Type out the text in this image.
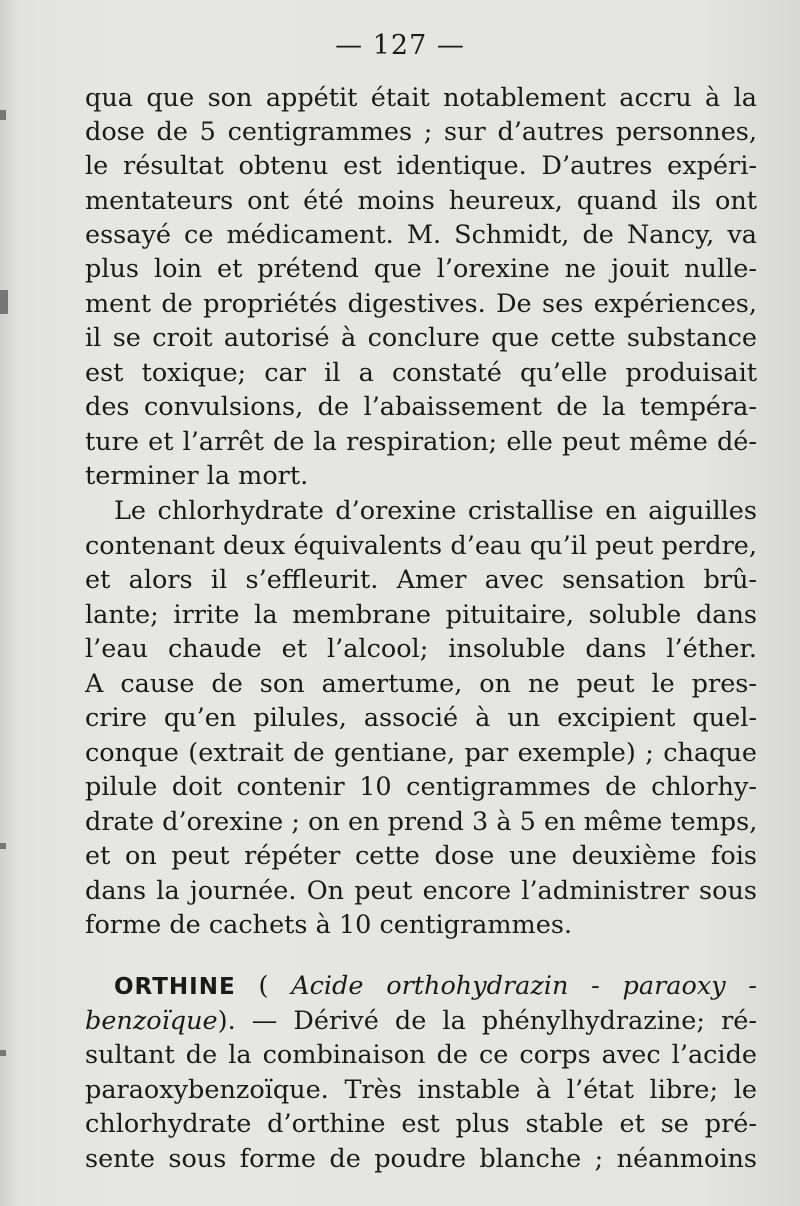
— 127 —
qua que son appétit était notablement accru à la
dose de 5 centigrammes ; sur d’autres personnes,
le résultat obtenu est identique. D’autres expéri-
mentateurs ont été moins heureux, quand ils ont
essayé ce médicament. M. Schmidt, de Nancy, va
plus loin et prétend que l’orexine ne jouit nulle-
ment de propriétés digestives. De ses expériences,
il se croit autorisé à conclure que cette substance
est toxique; car il a constaté qu’elle produisait
des convulsions, de l’abaissement de la tempéra-
ture et l’arrêt de la respiration; elle peut même dé-
terminer la mort.
Le chlorhydrate d’orexine cristallise en aiguilles
contenant deux équivalents d’eau qu’il peut perdre,
et alors il s’effleurit. Amer avec sensation brû-
lante; irrite la membrane pituitaire, soluble dans
l’eau chaude et l’alcool; insoluble dans l’éther.
A cause de son amertume, on ne peut le pres-
crire qu’en pilules, associé à un excipient quel-
conque (extrait de gentiane, par exemple) ; chaque
pilule doit contenir 10 centigrammes de chlorhy-
drate d’orexine ; on en prend 3 à 5 en même temps,
et on peut répéter cette dose une deuxième fois
dans la journée. On peut encore l’administrer sous
forme de cachets à 10 centigrammes.
ORTHINE ( Acide orthohydrazin - paraoxy -
benzoïque). — Dérivé de la phénylhydrazine; ré-
sultant de la combinaison de ce corps avec l’acide
paraoxybenzoïque. Très instable à l’état libre; le
chlorhydrate d’orthine est plus stable et se pré-
sente sous forme de poudre blanche ; néanmoins
